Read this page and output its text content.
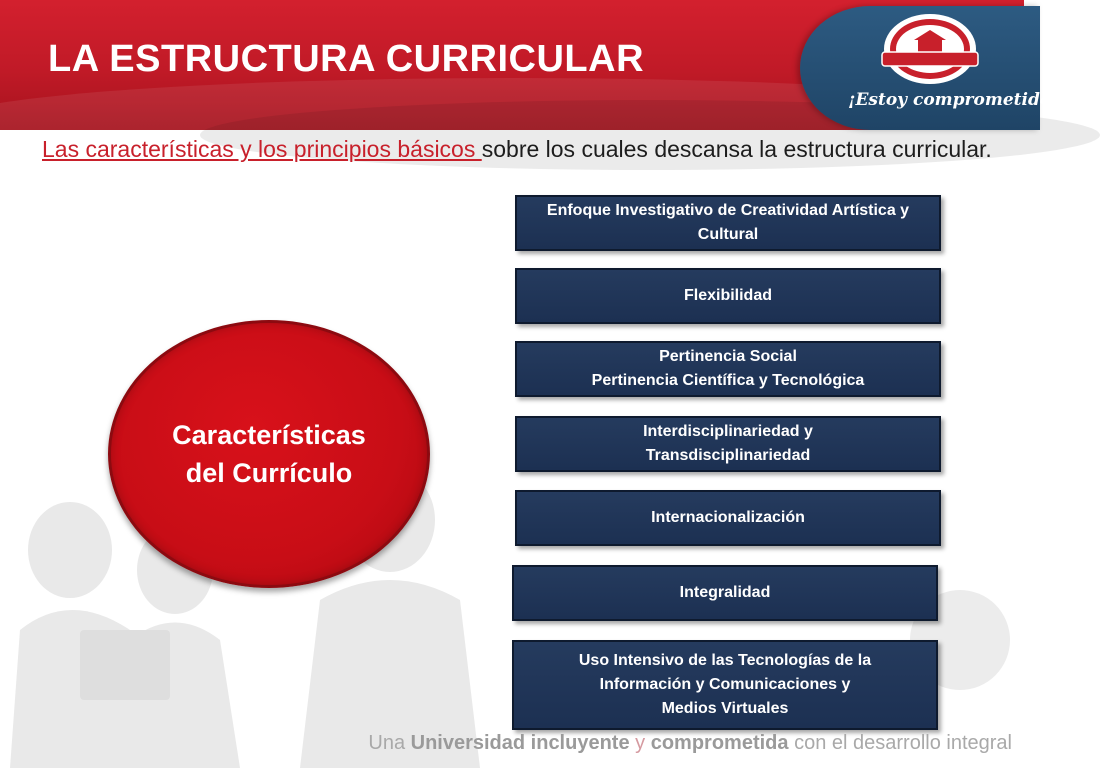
LA ESTRUCTURA CURRICULAR
¡Estoy comprometido!

Las características y los principios básicos sobre los cuales descansa la estructura curricular.

Características
del Currículo
Enfoque Investigativo de Creatividad Artística y
Cultural
Flexibilidad
Pertinencia Social
Pertinencia Científica y Tecnológica
Interdisciplinariedad y
Transdisciplinariedad
Internacionalización
Integralidad
Uso Intensivo de las Tecnologías de la
Información y Comunicaciones y
Medios Virtuales
Una Universidad incluyente y comprometida con el desarrollo integral
